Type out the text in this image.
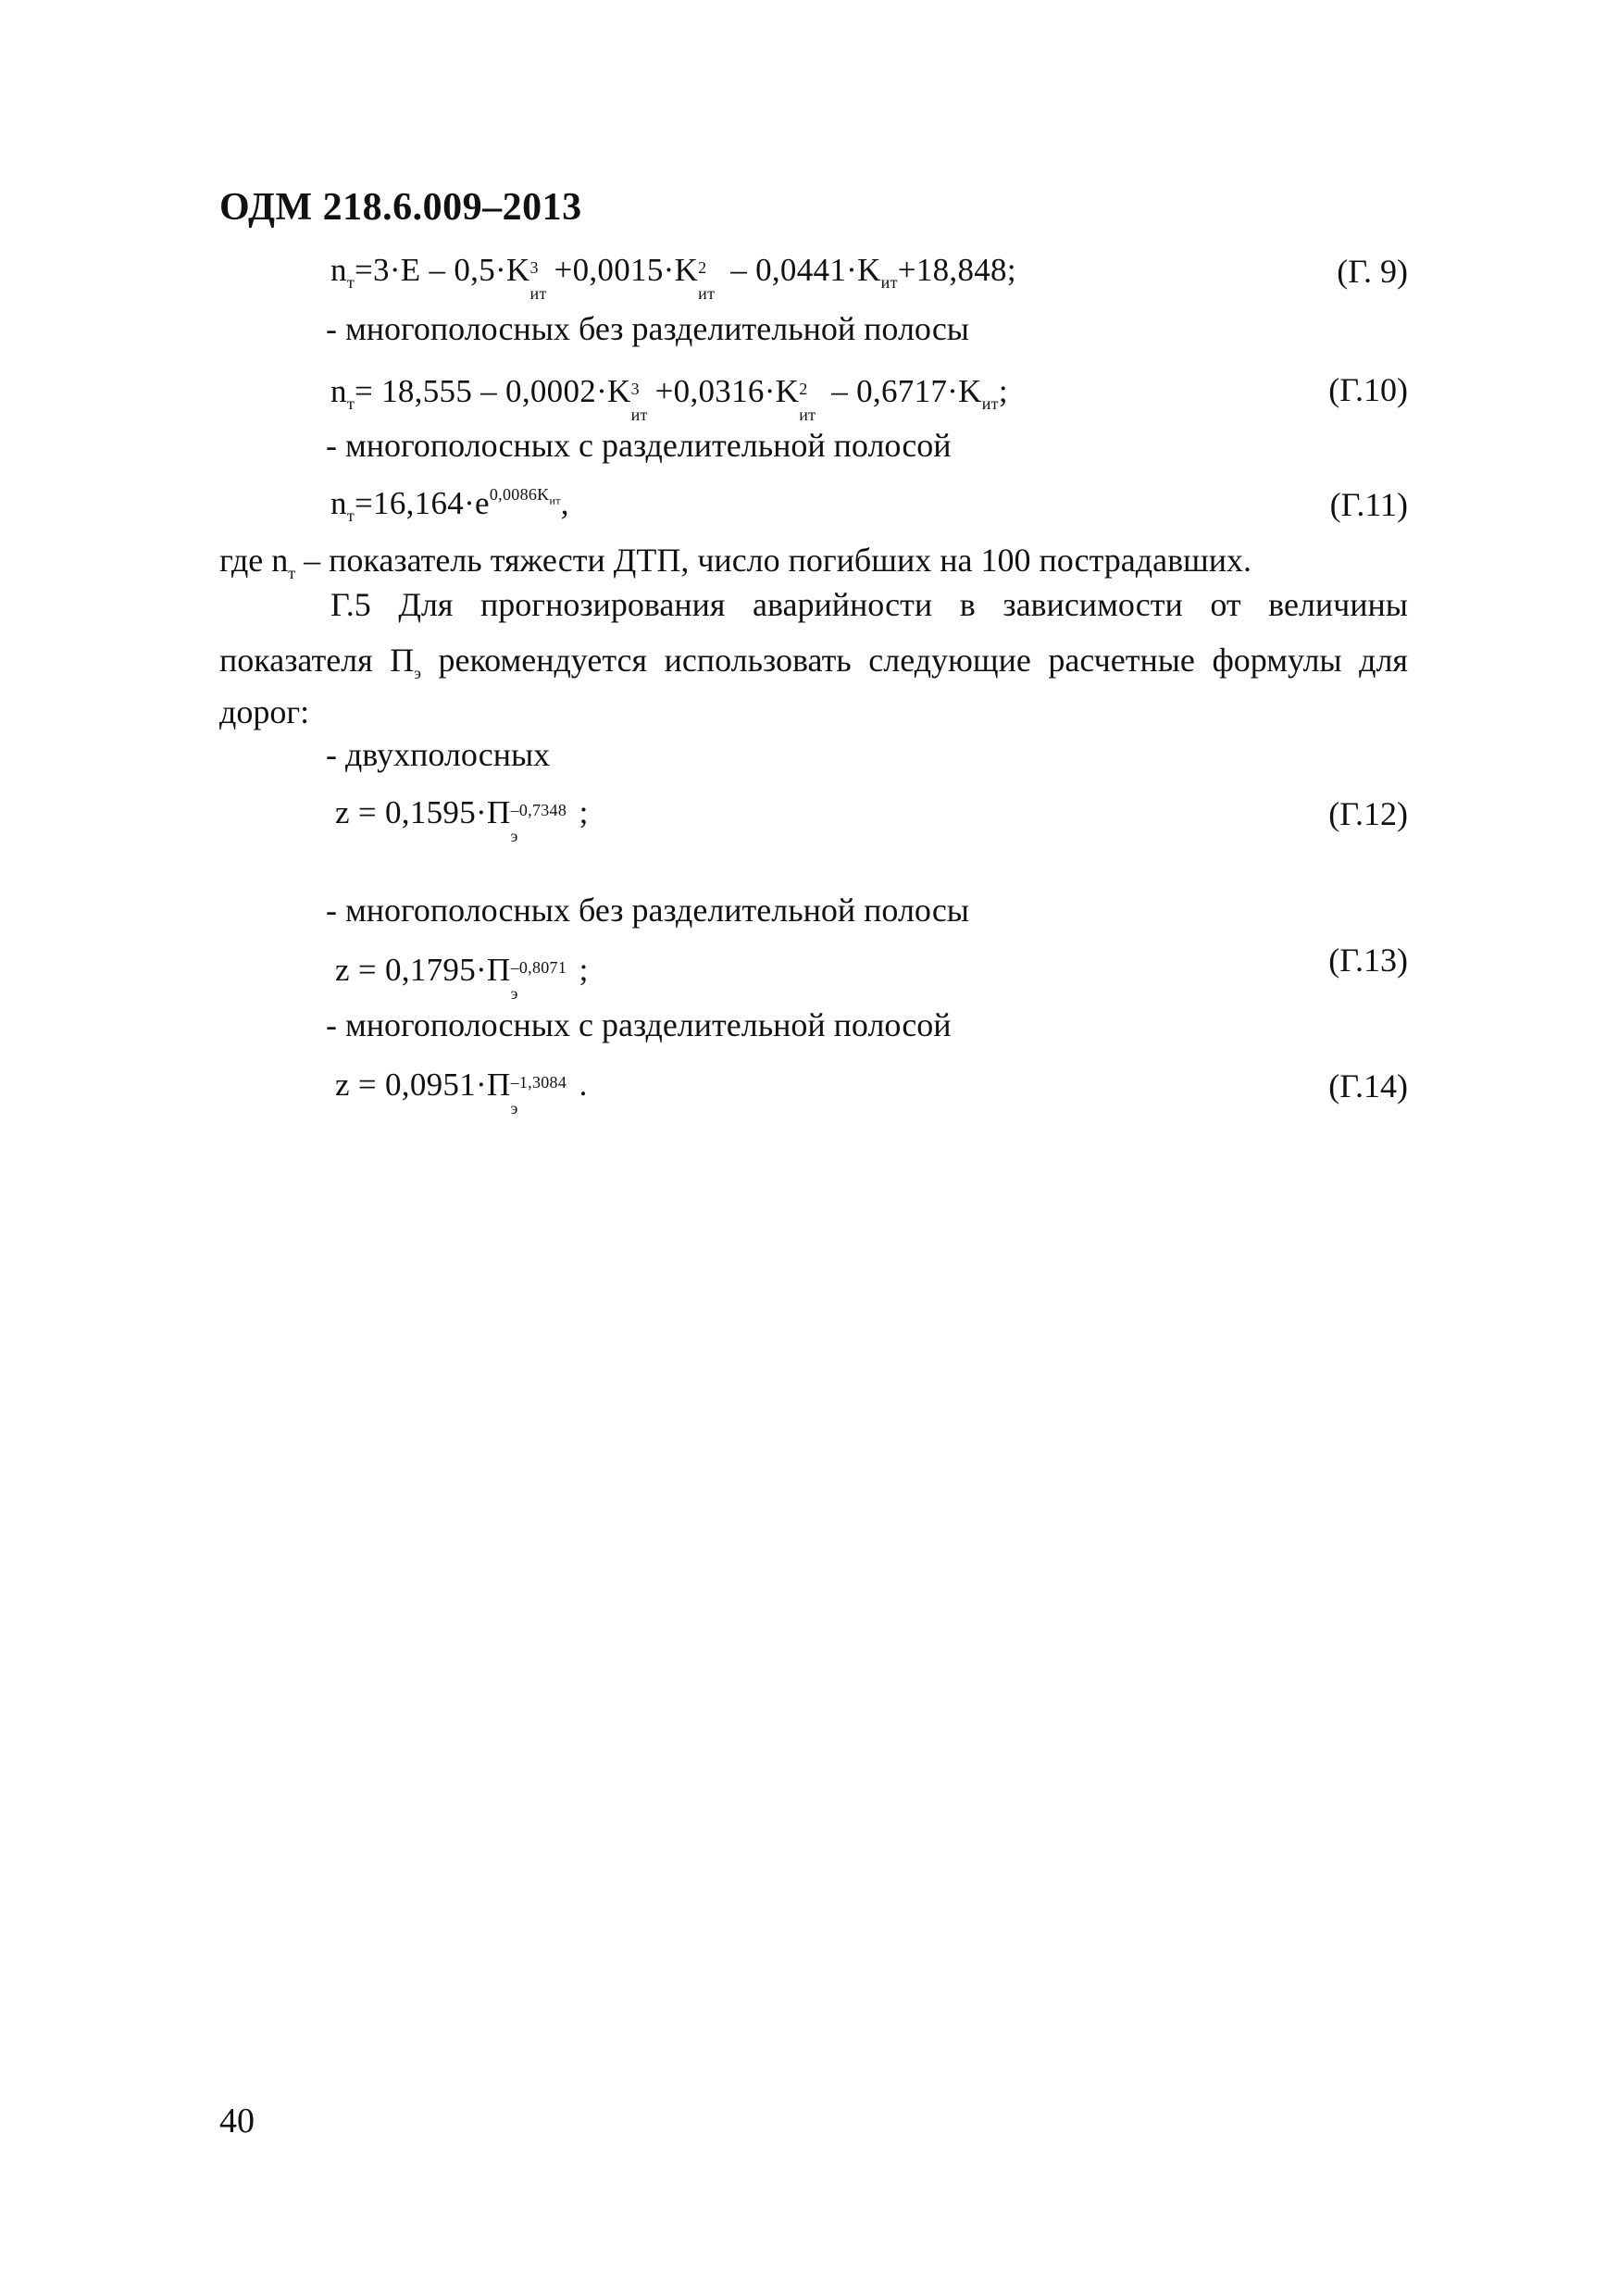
ОДМ 218.6.009–2013
$n_т=3\cdot E - 0,5\cdot K$ 3
ит
+0,0015·K 2
ит
– $0,0441\cdot K_{ит}+18,848$;	(Г. 9)
- многополосных без разделительной полосы
$n_т= 18,555 - 0,0002\cdot K$ 3
ит
+0,0316·K 2
ит
– $0,6717\cdot K_{ит}$;	(Г.10)
- многополосных с разделительной полосой
$n_т=16,164\cdot e^{0,0086K_{ит}}$,	(Г.11)
где $n_т$ – показатель тяжести ДТП, число погибших на 100 пострадавших.
Г.5 Для прогнозирования аварийности в зависимости от величины
показателя $П_э$ рекомендуется использовать следующие расчетные формулы для
дорог:
- двухполосных
z = 0,1595·П –0,7348
э
;	(Г.12)
- многополосных без разделительной полосы
z = 0,1795·П –0,8071
э
;	(Г.13)
- многополосных с разделительной полосой
z = 0,0951·П –1,3084
э
.	(Г.14)
40
